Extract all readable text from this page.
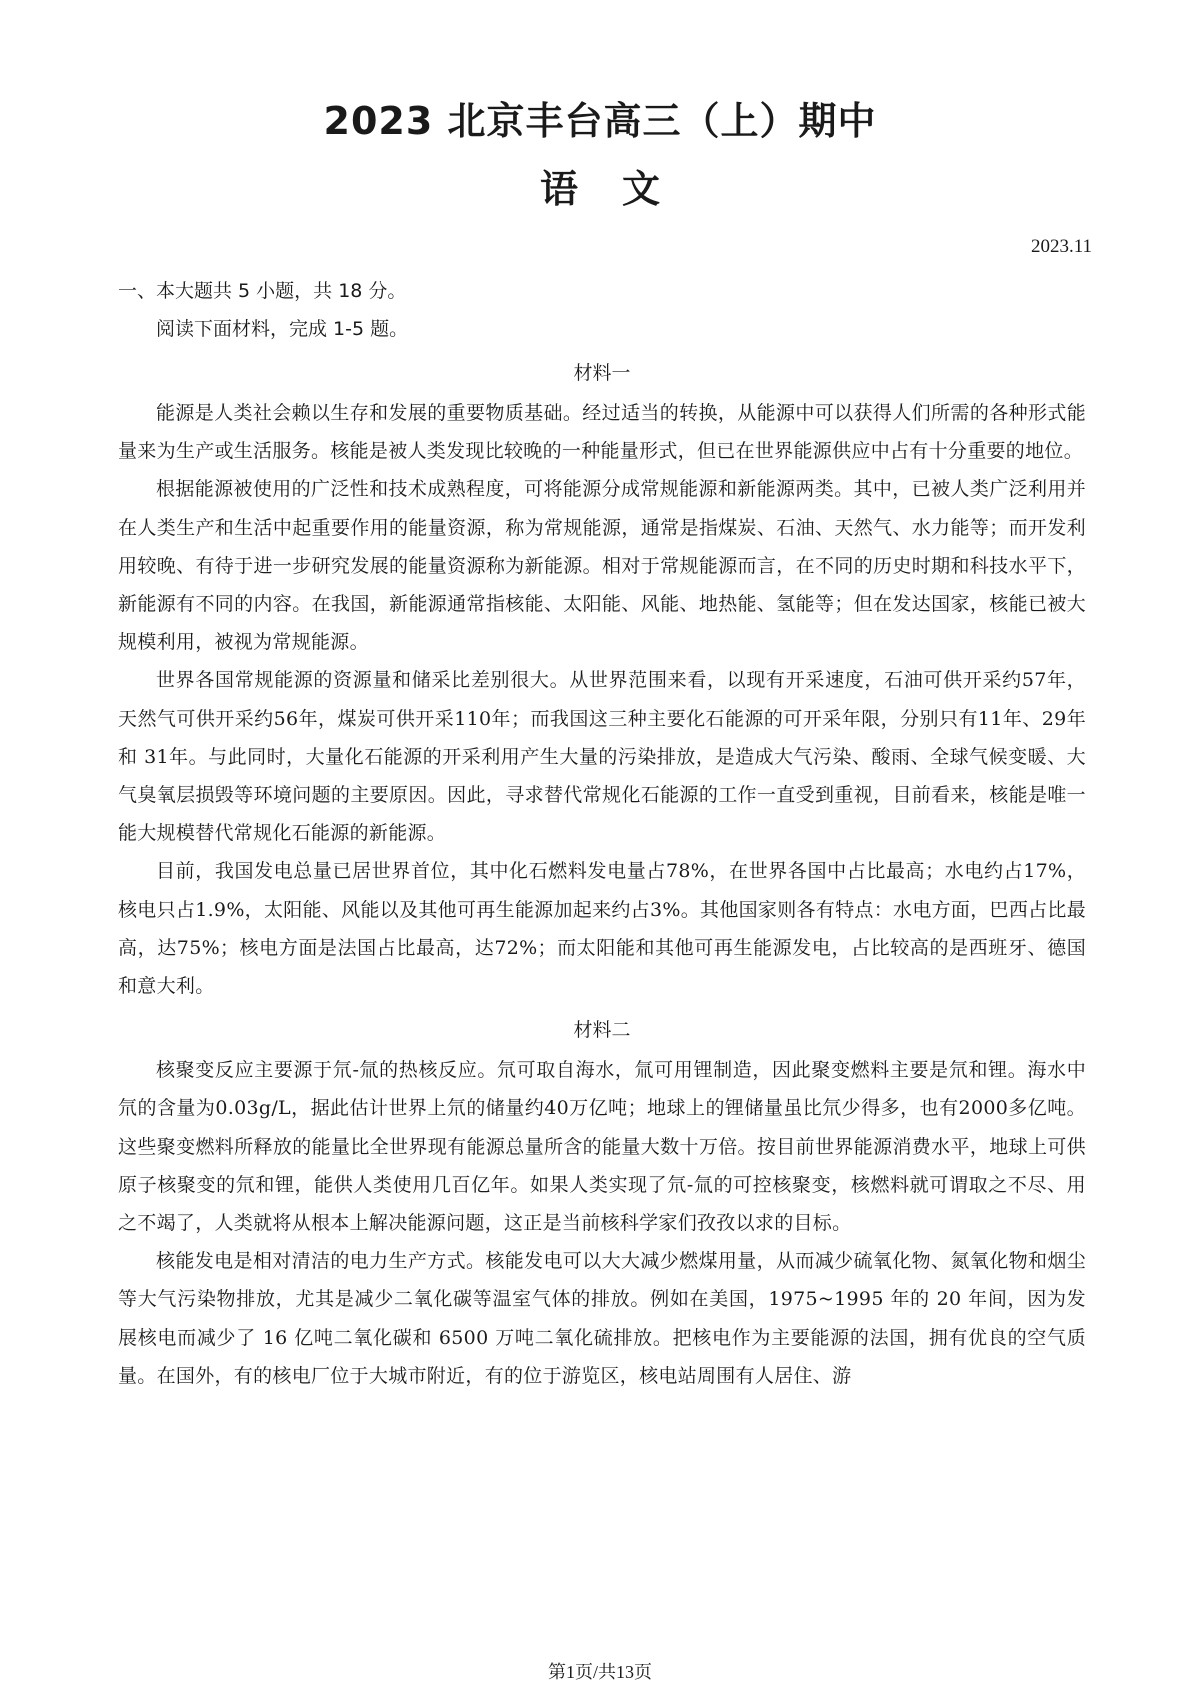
2023 北京丰台高三（上）期中
语文
2023.11

一、本大题共 5 小题，共 18 分。

阅读下面材料，完成 1-5 题。

材料一

能源是人类社会赖以生存和发展的重要物质基础。经过适当的转换，从能源中可以获得人们所需的各种形式能量来为生产或生活服务。核能是被人类发现比较晚的一种能量形式，但已在世界能源供应中占有十分重要的地位。

根据能源被使用的广泛性和技术成熟程度，可将能源分成常规能源和新能源两类。其中，已被人类广泛利用并在人类生产和生活中起重要作用的能量资源，称为常规能源，通常是指煤炭、石油、天然气、水力能等；而开发利用较晚、有待于进一步研究发展的能量资源称为新能源。相对于常规能源而言，在不同的历史时期和科技水平下，新能源有不同的内容。在我国，新能源通常指核能、太阳能、风能、地热能、氢能等；但在发达国家，核能已被大规模利用，被视为常规能源。

世界各国常规能源的资源量和储采比差别很大。从世界范围来看，以现有开采速度，石油可供开采约57年，天然气可供开采约56年，煤炭可供开采110年；而我国这三种主要化石能源的可开采年限，分别只有11年、29年和 31年。与此同时，大量化石能源的开采利用产生大量的污染排放，是造成大气污染、酸雨、全球气候变暖、大气臭氧层损毁等环境问题的主要原因。因此，寻求替代常规化石能源的工作一直受到重视，目前看来，核能是唯一能大规模替代常规化石能源的新能源。

目前，我国发电总量已居世界首位，其中化石燃料发电量占78%，在世界各国中占比最高；水电约占17%，核电只占1.9%，太阳能、风能以及其他可再生能源加起来约占3%。其他国家则各有特点：水电方面，巴西占比最高，达75%；核电方面是法国占比最高，达72%；而太阳能和其他可再生能源发电，占比较高的是西班牙、德国和意大利。

材料二

核聚变反应主要源于氘-氚的热核反应。氘可取自海水，氚可用锂制造，因此聚变燃料主要是氘和锂。海水中氘的含量为0.03g/L，据此估计世界上氘的储量约40万亿吨；地球上的锂储量虽比氘少得多，也有2000多亿吨。这些聚变燃料所释放的能量比全世界现有能源总量所含的能量大数十万倍。按目前世界能源消费水平，地球上可供原子核聚变的氘和锂，能供人类使用几百亿年。如果人类实现了氘-氚的可控核聚变，核燃料就可谓取之不尽、用之不竭了，人类就将从根本上解决能源问题，这正是当前核科学家们孜孜以求的目标。

核能发电是相对清洁的电力生产方式。核能发电可以大大减少燃煤用量，从而减少硫氧化物、氮氧化物和烟尘等大气污染物排放，尤其是减少二氧化碳等温室气体的排放。例如在美国，1975~1995 年的 20 年间，因为发展核电而减少了 16 亿吨二氧化碳和 6500 万吨二氧化硫排放。把核电作为主要能源的法国，拥有优良的空气质量。在国外，有的核电厂位于大城市附近，有的位于游览区，核电站周围有人居住、游

第1页/共13页
